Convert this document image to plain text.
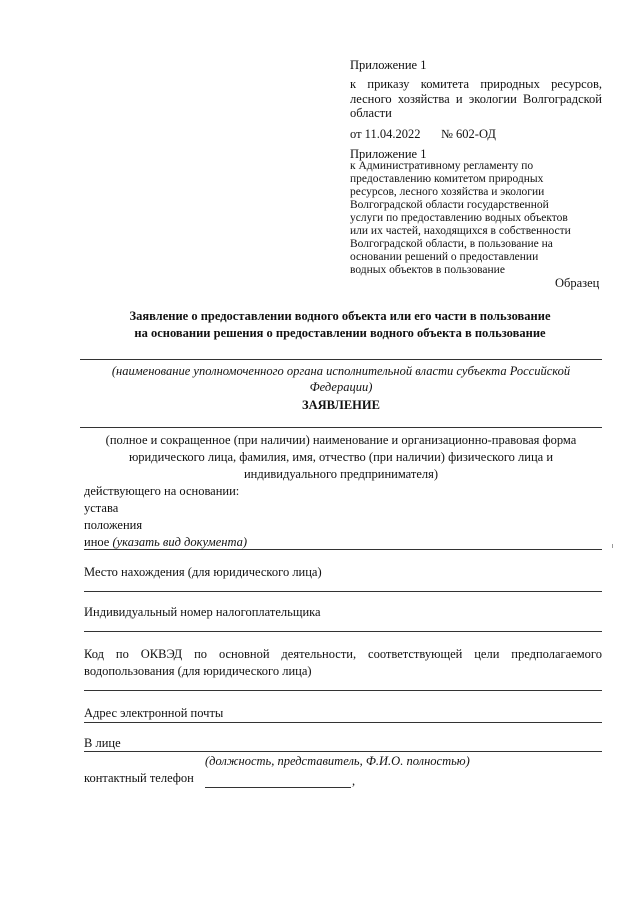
Приложение 1
к приказу комитета природных ресурсов,
лесного хозяйства и экологии Волгоградской
области
от 11.04.2022 № 602-ОД
Приложение 1
к Административному регламенту по
предоставлению комитетом природных
ресурсов, лесного хозяйства и экологии
Волгоградской области государственной
услуги по предоставлению водных объектов
или их частей, находящихся в собственности
Волгоградской области, в пользование на
основании решений о предоставлении
водных объектов в пользование
Образец
Заявление о предоставлении водного объекта или его части в пользование
на основании решения о предоставлении водного объекта в пользование
(наименование уполномоченного органа исполнительной власти субъекта Российской
Федерации)
ЗАЯВЛЕНИЕ
(полное и сокращенное (при наличии) наименование и организационно-правовая форма
юридического лица, фамилия, имя, отчество (при наличии) физического лица и
индивидуального предпринимателя)
действующего на основании:
устава
положения
иное (указать вид документа)
Место нахождения (для юридического лица)
Индивидуальный номер налогоплательщика
Код по ОКВЭД по основной деятельности, соответствующей цели предполагаемого
водопользования (для юридического лица)
Адрес электронной почты
В лице
(должность, представитель, Ф.И.О. полностью)
контактный телефон	,
